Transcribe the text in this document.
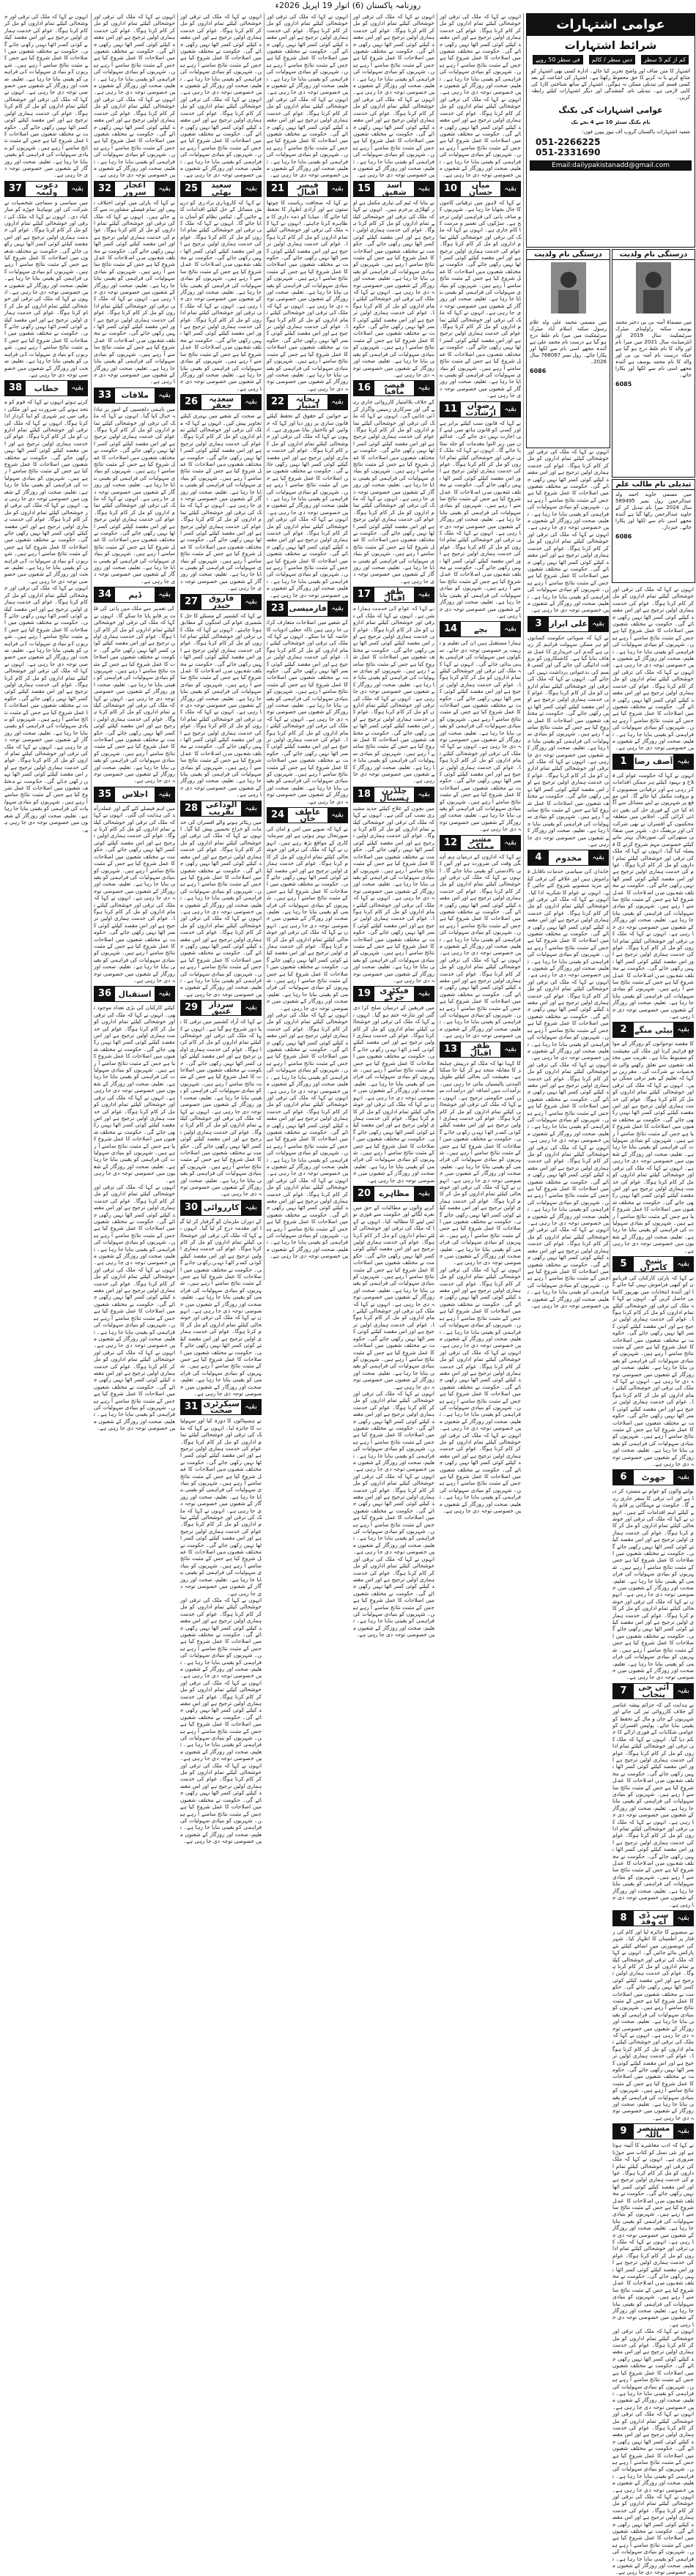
روزنامہ پاکستان (6) اتوار 19 اپریل 2026ء
عوامی اشتہارات
شرائط اشتہارات
کم از کم 5 سطر
دس سطر / کالم
فی سطر 50 روپے
اشتہار کا متن صاف اور واضح تحریر کیا جائے۔ ادارہ کسی بھی اشتہار کو شائع کرنے یا نہ کرنے کا حق محفوظ رکھتا ہے۔ اشتہار کی اشاعت کے بعد کسی قسم کی تبدیلی ممکن نہ ہوگی۔ اشتہار کے ساتھ شناختی کارڈ کی کاپی لازمی ہے۔ تبدیلی نام، گمشدگی اور دیگر اشتہارات کیلئے رابطہ کریں۔
عوامی اشتہارات کی بکنگ
نام بکنگ سنٹر 10 سے 4 بجے تک
شعبہ اشتہارات پاکستان گروپ آف نیوز پیپرز فون:
051-2266225
051-2331690
Email:dailypakistanadd@gmail.com
درستگی نام ولدیت
میں مسماۃ آمنہ بی بی دختر محمد یوسف سکنہ راولپنڈی میٹرک سرٹیفکیٹ سال 2019 اور انٹرمیڈیٹ سال 2021 میں میرا نام اور والد کا نام غلط درج ہو گیا ہے جبکہ درست نام آمنہ بی بی اور والد کا نام محمد یوسف ہے آئندہ مجھے اسی نام سے لکھا اور پکارا جائے۔
6085
درستگی نام ولدیت
میں مسمی محمد علی ولد غلام رسول سکنہ اسلام آباد میٹرک سرٹیفکیٹ میں میرا نام غلط درج ہو گیا ہے درست نام محمد علی ہے آئندہ مجھے اسی نام سے لکھا اور پکارا جائے۔ رول نمبر 768087 سال 2026۔
6086
تبدیلی نام طالب علم
میں مسمی جاوید احمد ولد عبدالرحمن رول نمبر 589495 سال 2024 میرا نام تبدیل کر کے جاوید عبدالرحمن رکھا گیا ہے آئندہ مجھے اسی نام سے لکھا اور پکارا جائے۔ خبردار۔
6086
انہوں نے کہا کہ ملک کی ترقی اور خوشحالی کیلئے تمام اداروں کو مل کر کام کرنا ہوگا۔ عوام کی خدمت ہماری اولین ترجیح ہے اور اس مقصد کیلئے کوئی کسر اٹھا نہیں رکھی جائے گی۔ حکومت نے مختلف شعبوں میں اصلاحات کا عمل شروع کیا ہے جس کے مثبت نتائج سامنے آ رہے ہیں۔ شہریوں کو بنیادی سہولیات کی فراہمی کو یقینی بنایا جا رہا ہے۔ تعلیم، صحت اور روزگار کے شعبوں میں خصوصی توجہ دی جا رہی ہے۔ انہوں نے کہا کہ ملک کی ترقی اور خوشحالی کیلئے تمام اداروں کو مل کر کام کرنا ہوگا۔ عوام کی خدمت ہماری اولین ترجیح ہے اور اس مقصد کیلئے کوئی کسر اٹھا نہیں رکھی جائے گی۔ حکومت نے مختلف شعبوں میں اصلاحات کا عمل شروع کیا ہے جس کے مثبت نتائج سامنے آ رہے ہیں۔ شہریوں کو بنیادی سہولیات کی فراہمی کو یقینی بنایا جا رہا ہے۔ تعلیم، صحت اور روزگار کے شعبوں میں خصوصی توجہ دی جا رہی ہے۔
1 آصف رضا بقیہ
انہوں نے کہا کہ حکومت عوام کی فلاح و بہبود کیلئے ہر ممکن اقدامات کر رہی ہے اور ترقیاتی منصوبوں کو بروقت مکمل کیا جائے گا۔ اس موقع پر شہریوں نے اپنے مسائل سے آگاہ کیا جن کے فوری حل کی یقین دہانی کرائی گئی۔ اجلاس میں متعلقہ محکموں کے افسران نے بھی شرکت کی اور بریفنگ دی۔ شہر میں صفائی ستھرائی کی صورتحال بہتر بنانے کیلئے خصوصی مہم شروع کرنے کا فیصلہ کیا گیا۔ انہوں نے کہا کہ ملک کی ترقی اور خوشحالی کیلئے تمام اداروں کو مل کر کام کرنا ہوگا۔ عوام کی خدمت ہماری اولین ترجیح ہے اور اس مقصد کیلئے کوئی کسر اٹھا نہیں رکھی جائے گی۔ حکومت نے مختلف شعبوں میں اصلاحات کا عمل شروع کیا ہے جس کے مثبت نتائج سامنے آ رہے ہیں۔ شہریوں کو بنیادی سہولیات کی فراہمی کو یقینی بنایا جا رہا ہے۔ تعلیم، صحت اور روزگار کے شعبوں میں خصوصی توجہ دی جا رہی ہے۔ انہوں نے کہا کہ ملک کی ترقی اور خوشحالی کیلئے تمام اداروں کو مل کر کام کرنا ہوگا۔ عوام کی خدمت ہماری اولین ترجیح ہے اور اس مقصد کیلئے کوئی کسر اٹھا نہیں رکھی جائے گی۔ حکومت نے مختلف شعبوں میں اصلاحات کا عمل شروع کیا ہے جس کے مثبت نتائج سامنے آ رہے ہیں۔ شہریوں کو بنیادی سہولیات کی فراہمی کو یقینی بنایا جا رہا ہے۔ تعلیم، صحت اور روزگار کے شعبوں میں خصوصی توجہ دی جا رہی ہے۔
2 بیٹی منگے بقیہ
کا مقصد نوجوانوں کو روزگار کے مواقع فراہم کرنا اور ملک کی معیشت کو مضبوط بنانا ہے۔ تقریب میں مختلف شعبوں سے تعلق رکھنے والی شخصیات نے شرکت کی۔ مقررین نے کہا کہ تعلیم کے بغیر ترقی ممکن نہیں۔ انہوں نے کہا کہ ملک کی ترقی اور خوشحالی کیلئے تمام اداروں کو مل کر کام کرنا ہوگا۔ عوام کی خدمت ہماری اولین ترجیح ہے اور اس مقصد کیلئے کوئی کسر اٹھا نہیں رکھی جائے گی۔ حکومت نے مختلف شعبوں میں اصلاحات کا عمل شروع کیا ہے جس کے مثبت نتائج سامنے آ رہے ہیں۔ شہریوں کو بنیادی سہولیات کی فراہمی کو یقینی بنایا جا رہا ہے۔ تعلیم، صحت اور روزگار کے شعبوں میں خصوصی توجہ دی جا رہی ہے۔ انہوں نے کہا کہ ملک کی ترقی اور خوشحالی کیلئے تمام اداروں کو مل کر کام کرنا ہوگا۔ عوام کی خدمت ہماری اولین ترجیح ہے اور اس مقصد کیلئے کوئی کسر اٹھا نہیں رکھی جائے گی۔ حکومت نے مختلف شعبوں میں اصلاحات کا عمل شروع کیا ہے جس کے مثبت نتائج سامنے آ رہے ہیں۔ شہریوں کو بنیادی سہولیات کی فراہمی کو یقینی بنایا جا رہا ہے۔ تعلیم، صحت اور روزگار کے شعبوں میں خصوصی توجہ دی جا رہی ہے۔
5	شیخ کامران	بقیہ
نے کہا کہ پارٹی کارکنان کی قربانیوں کو کبھی فراموش نہیں کیا جائے گا اور آئندہ انتخابات میں بھرپور کامیابی حاصل کریں گے۔ انہوں نے کہا کہ ملک کی ترقی اور خوشحالی کیلئے تمام اداروں کو مل کر کام کرنا ہوگا۔ عوام کی خدمت ہماری اولین ترجیح ہے اور اس مقصد کیلئے کوئی کسر اٹھا نہیں رکھی جائے گی۔ حکومت نے مختلف شعبوں میں اصلاحات کا عمل شروع کیا ہے جس کے مثبت نتائج سامنے آ رہے ہیں۔ شہریوں کو بنیادی سہولیات کی فراہمی کو یقینی بنایا جا رہا ہے۔ تعلیم، صحت اور روزگار کے شعبوں میں خصوصی توجہ دی جا رہی ہے۔ انہوں نے کہا کہ ملک کی ترقی اور خوشحالی کیلئے تمام اداروں کو مل کر کام کرنا ہوگا۔ عوام کی خدمت ہماری اولین ترجیح ہے اور اس مقصد کیلئے کوئی کسر اٹھا نہیں رکھی جائے گی۔ حکومت نے مختلف شعبوں میں اصلاحات کا عمل شروع کیا ہے جس کے مثبت نتائج سامنے آ رہے ہیں۔ شہریوں کو بنیادی سہولیات کی فراہمی کو یقینی بنایا جا رہا ہے۔ تعلیم، صحت اور روزگار کے شعبوں میں خصوصی توجہ دی جا رہی ہے۔
6	جھوٹ	بقیہ
بولنے والوں کو عوام نے مسترد کر دیا ہے اور اب ترقی کا سفر جاری رہے گا۔ حکومت نے مہنگائی پر قابو پانے کیلئے اہم اقدامات کئے ہیں۔ انہوں نے کہا کہ ملک کی ترقی اور خوشحالی کیلئے تمام اداروں کو مل کر کام کرنا ہوگا۔ عوام کی خدمت ہماری اولین ترجیح ہے اور اس مقصد کیلئے کوئی کسر اٹھا نہیں رکھی جائے گی۔ حکومت نے مختلف شعبوں میں اصلاحات کا عمل شروع کیا ہے جس کے مثبت نتائج سامنے آ رہے ہیں۔ شہریوں کو بنیادی سہولیات کی فراہمی کو یقینی بنایا جا رہا ہے۔ تعلیم، صحت اور روزگار کے شعبوں میں خصوصی توجہ دی جا رہی ہے۔ انہوں نے کہا کہ ملک کی ترقی اور خوشحالی کیلئے تمام اداروں کو مل کر کام کرنا ہوگا۔ عوام کی خدمت ہماری اولین ترجیح ہے اور اس مقصد کیلئے کوئی کسر اٹھا نہیں رکھی جائے گی۔ حکومت نے مختلف شعبوں میں اصلاحات کا عمل شروع کیا ہے جس کے مثبت نتائج سامنے آ رہے ہیں۔ شہریوں کو بنیادی سہولیات کی فراہمی کو یقینی بنایا جا رہا ہے۔ تعلیم، صحت اور روزگار کے شعبوں میں خصوصی توجہ دی جا رہی ہے۔
7	آئی جی پنجاب	بقیہ
نے ہدایت کی کہ جرائم پیشہ عناصر کے خلاف کارروائی تیز کی جائے اور شہریوں کے جان و مال کے تحفظ کو یقینی بنایا جائے۔ پولیس افسران کو عوامی شکایات کے فوری ازالے کا حکم دیا گیا۔ انہوں نے کہا کہ ملک کی ترقی اور خوشحالی کیلئے تمام اداروں کو مل کر کام کرنا ہوگا۔ عوام کی خدمت ہماری اولین ترجیح ہے اور اس مقصد کیلئے کوئی کسر اٹھا نہیں رکھی جائے گی۔ حکومت نے مختلف شعبوں میں اصلاحات کا عمل شروع کیا ہے جس کے مثبت نتائج سامنے آ رہے ہیں۔ شہریوں کو بنیادی سہولیات کی فراہمی کو یقینی بنایا جا رہا ہے۔ تعلیم، صحت اور روزگار کے شعبوں میں خصوصی توجہ دی جا رہی ہے۔ انہوں نے کہا کہ ملک کی ترقی اور خوشحالی کیلئے تمام اداروں کو مل کر کام کرنا ہوگا۔ عوام کی خدمت ہماری اولین ترجیح ہے اور اس مقصد کیلئے کوئی کسر اٹھا نہیں رکھی جائے گی۔ حکومت نے مختلف شعبوں میں اصلاحات کا عمل شروع کیا ہے جس کے مثبت نتائج سامنے آ رہے ہیں۔ شہریوں کو بنیادی سہولیات کی فراہمی کو یقینی بنایا جا رہا ہے۔ تعلیم، صحت اور روزگار کے شعبوں میں خصوصی توجہ دی جا رہی ہے۔
8	سی ڈی اے وفد	بقیہ
نے منصوبے کا جائزہ لیا اور کام کی رفتار پر اطمینان کا اظہار کیا۔ شہر کی خوبصورتی میں اضافے کیلئے نئے پارکس بنائے جائیں گے۔ انہوں نے کہا کہ ملک کی ترقی اور خوشحالی کیلئے تمام اداروں کو مل کر کام کرنا ہوگا۔ عوام کی خدمت ہماری اولین ترجیح ہے اور اس مقصد کیلئے کوئی کسر اٹھا نہیں رکھی جائے گی۔ حکومت نے مختلف شعبوں میں اصلاحات کا عمل شروع کیا ہے جس کے مثبت نتائج سامنے آ رہے ہیں۔ شہریوں کو بنیادی سہولیات کی فراہمی کو یقینی بنایا جا رہا ہے۔ تعلیم، صحت اور روزگار کے شعبوں میں خصوصی توجہ دی جا رہی ہے۔ انہوں نے کہا کہ ملک کی ترقی اور خوشحالی کیلئے تمام اداروں کو مل کر کام کرنا ہوگا۔ عوام کی خدمت ہماری اولین ترجیح ہے اور اس مقصد کیلئے کوئی کسر اٹھا نہیں رکھی جائے گی۔ حکومت نے مختلف شعبوں میں اصلاحات کا عمل شروع کیا ہے جس کے مثبت نتائج سامنے آ رہے ہیں۔ شہریوں کو بنیادی سہولیات کی فراہمی کو یقینی بنایا جا رہا ہے۔ تعلیم، صحت اور روزگار کے شعبوں میں خصوصی توجہ دی جا رہی ہے۔
9	مستنصر باللہ	بقیہ
نے کہا کہ ادب معاشرے کا آئینہ ہوتا ہے اور نئی نسل کو کتاب سے جوڑنا ضروری ہے۔ انہوں نے کہا کہ ملک کی ترقی اور خوشحالی کیلئے تمام اداروں کو مل کر کام کرنا ہوگا۔ عوام کی خدمت ہماری اولین ترجیح ہے اور اس مقصد کیلئے کوئی کسر اٹھا نہیں رکھی جائے گی۔ حکومت نے مختلف شعبوں میں اصلاحات کا عمل شروع کیا ہے جس کے مثبت نتائج سامنے آ رہے ہیں۔ شہریوں کو بنیادی سہولیات کی فراہمی کو یقینی بنایا جا رہا ہے۔ تعلیم، صحت اور روزگار کے شعبوں میں خصوصی توجہ دی جا رہی ہے۔ انہوں نے کہا کہ ملک کی ترقی اور خوشحالی کیلئے تمام اداروں کو مل کر کام کرنا ہوگا۔ عوام کی خدمت ہماری اولین ترجیح ہے اور اس مقصد کیلئے کوئی کسر اٹھا نہیں رکھی جائے گی۔ حکومت نے مختلف شعبوں میں اصلاحات کا عمل شروع کیا ہے جس کے مثبت نتائج سامنے آ رہے ہیں۔ شہریوں کو بنیادی سہولیات کی فراہمی کو یقینی بنایا جا رہا ہے۔ تعلیم، صحت اور روزگار کے شعبوں میں خصوصی توجہ دی جا رہی ہے۔
انہوں نے کہا کہ ملک کی ترقی اور خوشحالی کیلئے تمام اداروں کو مل کر کام کرنا ہوگا۔ عوام کی خدمت ہماری اولین ترجیح ہے اور اس مقصد کیلئے کوئی کسر اٹھا نہیں رکھی جائے گی۔ حکومت نے مختلف شعبوں میں اصلاحات کا عمل شروع کیا ہے جس کے مثبت نتائج سامنے آ رہے ہیں۔ شہریوں کو بنیادی سہولیات کی فراہمی کو یقینی بنایا جا رہا ہے۔ تعلیم، صحت اور روزگار کے شعبوں میں خصوصی توجہ دی جا رہی ہے۔ انہوں نے کہا کہ ملک کی ترقی اور خوشحالی کیلئے تمام اداروں کو مل کر کام کرنا ہوگا۔ عوام کی خدمت ہماری اولین ترجیح ہے اور اس مقصد کیلئے کوئی کسر اٹھا نہیں رکھی جائے گی۔ حکومت نے مختلف شعبوں میں اصلاحات کا عمل شروع کیا ہے جس کے مثبت نتائج سامنے آ رہے ہیں۔ شہریوں کو بنیادی سہولیات کی فراہمی کو یقینی بنایا جا رہا ہے۔ تعلیم، صحت اور روزگار کے شعبوں میں خصوصی توجہ دی جا رہی ہے۔ انہوں نے کہا کہ ملک کی ترقی اور خوشحالی کیلئے تمام اداروں کو مل کر کام کرنا ہوگا۔ عوام کی خدمت ہماری اولین ترجیح ہے اور اس مقصد کیلئے کوئی کسر اٹھا نہیں رکھی جائے گی۔ حکومت نے مختلف شعبوں میں اصلاحات کا عمل شروع کیا ہے جس کے مثبت نتائج سامنے آ رہے ہیں۔ شہریوں کو بنیادی سہولیات کی فراہمی کو یقینی بنایا جا رہا ہے۔ تعلیم، صحت اور روزگار کے شعبوں میں خصوصی توجہ دی جا رہی ہے۔
انہوں نے کہا کہ ملک کی ترقی اور خوشحالی کیلئے تمام اداروں کو مل کر کام کرنا ہوگا۔ عوام کی خدمت ہماری اولین ترجیح ہے اور اس مقصد کیلئے کوئی کسر اٹھا نہیں رکھی جائے گی۔ حکومت نے مختلف شعبوں میں اصلاحات کا عمل شروع کیا ہے جس کے مثبت نتائج سامنے آ رہے ہیں۔ شہریوں کو بنیادی سہولیات کی فراہمی کو یقینی بنایا جا رہا ہے۔ تعلیم، صحت اور روزگار کے شعبوں میں خصوصی توجہ دی جا رہی ہے۔ انہوں نے کہا کہ ملک کی ترقی اور خوشحالی کیلئے تمام اداروں کو مل کر کام کرنا ہوگا۔ عوام کی خدمت ہماری اولین ترجیح ہے اور اس مقصد کیلئے کوئی کسر اٹھا نہیں رکھی جائے گی۔ حکومت نے مختلف شعبوں میں اصلاحات کا عمل شروع کیا ہے جس کے مثبت نتائج سامنے آ رہے ہیں۔ شہریوں کو بنیادی سہولیات کی فراہمی کو یقینی بنایا جا رہا ہے۔ تعلیم، صحت اور روزگار کے شعبوں میں خصوصی توجہ دی جا رہی ہے۔
3 علی ابرار بقیہ
نے کہا کہ صوبائی حکومت کسانوں کو ہر ممکن سہولت فراہم کر رہی ہے گندم کی خریداری کا عمل شفاف بنایا گیا ہے۔ کاشتکاروں کو بروقت ادائیگی کی جائے گی اور کسی قسم کی بدعنوانی برداشت نہیں کی جائے گی۔ انہوں نے کہا کہ ملک کی ترقی اور خوشحالی کیلئے تمام اداروں کو مل کر کام کرنا ہوگا۔ عوام کی خدمت ہماری اولین ترجیح ہے اور اس مقصد کیلئے کوئی کسر اٹھا نہیں رکھی جائے گی۔ حکومت نے مختلف شعبوں میں اصلاحات کا عمل شروع کیا ہے جس کے مثبت نتائج سامنے آ رہے ہیں۔ شہریوں کو بنیادی سہولیات کی فراہمی کو یقینی بنایا جا رہا ہے۔ تعلیم، صحت اور روزگار کے شعبوں میں خصوصی توجہ دی جا رہی ہے۔ انہوں نے کہا کہ ملک کی ترقی اور خوشحالی کیلئے تمام اداروں کو مل کر کام کرنا ہوگا۔ عوام کی خدمت ہماری اولین ترجیح ہے اور اس مقصد کیلئے کوئی کسر اٹھا نہیں رکھی جائے گی۔ حکومت نے مختلف شعبوں میں اصلاحات کا عمل شروع کیا ہے جس کے مثبت نتائج سامنے آ رہے ہیں۔ شہریوں کو بنیادی سہولیات کی فراہمی کو یقینی بنایا جا رہا ہے۔ تعلیم، صحت اور روزگار کے شعبوں میں خصوصی توجہ دی جا رہی ہے۔
4	مخدوم	بقیہ
خاندان کی سیاسی خدمات ناقابل فراموش ہیں اور علاقے کی ترقی کیلئے مزید منصوبے شروع کئے جائیں گے۔ انہوں نے عوام کا شکریہ ادا کیا۔ انہوں نے کہا کہ ملک کی ترقی اور خوشحالی کیلئے تمام اداروں کو مل کر کام کرنا ہوگا۔ عوام کی خدمت ہماری اولین ترجیح ہے اور اس مقصد کیلئے کوئی کسر اٹھا نہیں رکھی جائے گی۔ حکومت نے مختلف شعبوں میں اصلاحات کا عمل شروع کیا ہے جس کے مثبت نتائج سامنے آ رہے ہیں۔ شہریوں کو بنیادی سہولیات کی فراہمی کو یقینی بنایا جا رہا ہے۔ تعلیم، صحت اور روزگار کے شعبوں میں خصوصی توجہ دی جا رہی ہے۔ انہوں نے کہا کہ ملک کی ترقی اور خوشحالی کیلئے تمام اداروں کو مل کر کام کرنا ہوگا۔ عوام کی خدمت ہماری اولین ترجیح ہے اور اس مقصد کیلئے کوئی کسر اٹھا نہیں رکھی جائے گی۔ حکومت نے مختلف شعبوں میں اصلاحات کا عمل شروع کیا ہے جس کے مثبت نتائج سامنے آ رہے ہیں۔ شہریوں کو بنیادی سہولیات کی فراہمی کو یقینی بنایا جا رہا ہے۔ تعلیم، صحت اور روزگار کے شعبوں میں خصوصی توجہ دی جا رہی ہے۔
انہوں نے کہا کہ ملک کی ترقی اور خوشحالی کیلئے تمام اداروں کو مل کر کام کرنا ہوگا۔ عوام کی خدمت ہماری اولین ترجیح ہے اور اس مقصد کیلئے کوئی کسر اٹھا نہیں رکھی جائے گی۔ حکومت نے مختلف شعبوں میں اصلاحات کا عمل شروع کیا ہے جس کے مثبت نتائج سامنے آ رہے ہیں۔ شہریوں کو بنیادی سہولیات کی فراہمی کو یقینی بنایا جا رہا ہے۔ تعلیم، صحت اور روزگار کے شعبوں میں خصوصی توجہ دی جا رہی ہے۔ انہوں نے کہا کہ ملک کی ترقی اور خوشحالی کیلئے تمام اداروں کو مل کر کام کرنا ہوگا۔ عوام کی خدمت ہماری اولین ترجیح ہے اور اس مقصد کیلئے کوئی کسر اٹھا نہیں رکھی جائے گی۔ حکومت نے مختلف شعبوں میں اصلاحات کا عمل شروع کیا ہے جس کے مثبت نتائج سامنے آ رہے ہیں۔ شہریوں کو بنیادی سہولیات کی فراہمی کو یقینی بنایا جا رہا ہے۔ تعلیم، صحت اور روزگار کے شعبوں میں خصوصی توجہ دی جا رہی ہے۔ انہوں نے کہا کہ ملک کی ترقی اور خوشحالی کیلئے تمام اداروں کو مل کر کام کرنا ہوگا۔ عوام کی خدمت ہماری اولین ترجیح ہے اور اس مقصد کیلئے کوئی کسر اٹھا نہیں رکھی جائے گی۔ حکومت نے مختلف شعبوں میں اصلاحات کا عمل شروع کیا ہے جس کے مثبت نتائج سامنے آ رہے ہیں۔ شہریوں کو بنیادی سہولیات کی فراہمی کو یقینی بنایا جا رہا ہے۔ تعلیم، صحت اور روزگار کے شعبوں میں خصوصی توجہ دی جا رہی ہے۔
انہوں نے کہا کہ ملک کی ترقی اور خوشحالی کیلئے تمام اداروں کو مل کر کام کرنا ہوگا۔ عوام کی خدمت ہماری اولین ترجیح ہے اور اس مقصد کیلئے کوئی کسر اٹھا نہیں رکھی جائے گی۔ حکومت نے مختلف شعبوں میں اصلاحات کا عمل شروع کیا ہے جس کے مثبت نتائج سامنے آ رہے ہیں۔ شہریوں کو بنیادی سہولیات کی فراہمی کو یقینی بنایا جا رہا ہے۔ تعلیم، صحت اور روزگار کے شعبوں میں خصوصی توجہ دی جا رہی ہے۔ انہوں نے کہا کہ ملک کی ترقی اور خوشحالی کیلئے تمام اداروں کو مل کر کام کرنا ہوگا۔ عوام کی خدمت ہماری اولین ترجیح ہے اور اس مقصد کیلئے کوئی کسر اٹھا نہیں رکھی جائے گی۔ حکومت نے مختلف شعبوں میں اصلاحات کا عمل شروع کیا ہے جس کے مثبت نتائج سامنے آ رہے ہیں۔ شہریوں کو بنیادی سہولیات کی فراہمی کو یقینی بنایا جا رہا ہے۔ تعلیم، صحت اور روزگار کے شعبوں میں خصوصی توجہ دی جا رہی ہے۔
10	میاں حسان	بقیہ
نے کہا کہ لاہور میں ترقیاتی کاموں کا جال بچھایا جا رہا ہے۔ شہریوں کو صاف پانی کی فراہمی اولین ترجیح ہے۔ سڑکوں کی تعمیر و مرمت کا کام جاری ہے۔ انہوں نے کہا کہ ملک کی ترقی اور خوشحالی کیلئے تمام اداروں کو مل کر کام کرنا ہوگا۔ عوام کی خدمت ہماری اولین ترجیح ہے اور اس مقصد کیلئے کوئی کسر اٹھا نہیں رکھی جائے گی۔ حکومت نے مختلف شعبوں میں اصلاحات کا عمل شروع کیا ہے جس کے مثبت نتائج سامنے آ رہے ہیں۔ شہریوں کو بنیادی سہولیات کی فراہمی کو یقینی بنایا جا رہا ہے۔ تعلیم، صحت اور روزگار کے شعبوں میں خصوصی توجہ دی جا رہی ہے۔ انہوں نے کہا کہ ملک کی ترقی اور خوشحالی کیلئے تمام اداروں کو مل کر کام کرنا ہوگا۔ عوام کی خدمت ہماری اولین ترجیح ہے اور اس مقصد کیلئے کوئی کسر اٹھا نہیں رکھی جائے گی۔ حکومت نے مختلف شعبوں میں اصلاحات کا عمل شروع کیا ہے جس کے مثبت نتائج سامنے آ رہے ہیں۔ شہریوں کو بنیادی سہولیات کی فراہمی کو یقینی بنایا جا رہا ہے۔ تعلیم، صحت اور روزگار کے شعبوں میں خصوصی توجہ دی جا رہی ہے۔
11	رضوان ارشادت	بقیہ
نے کہا کہ قانون سب کیلئے برابر ہے اور کسی کو قانون ہاتھ میں لینے کی اجازت نہیں دی جائے گی۔ عدالتوں میں زیر التوا مقدمات کو جلد نمٹایا جائے گا۔ انہوں نے کہا کہ ملک کی ترقی اور خوشحالی کیلئے تمام اداروں کو مل کر کام کرنا ہوگا۔ عوام کی خدمت ہماری اولین ترجیح ہے اور اس مقصد کیلئے کوئی کسر اٹھا نہیں رکھی جائے گی۔ حکومت نے مختلف شعبوں میں اصلاحات کا عمل شروع کیا ہے جس کے مثبت نتائج سامنے آ رہے ہیں۔ شہریوں کو بنیادی سہولیات کی فراہمی کو یقینی بنایا جا رہا ہے۔ تعلیم، صحت اور روزگار کے شعبوں میں خصوصی توجہ دی جا رہی ہے۔ انہوں نے کہا کہ ملک کی ترقی اور خوشحالی کیلئے تمام اداروں کو مل کر کام کرنا ہوگا۔ عوام کی خدمت ہماری اولین ترجیح ہے اور اس مقصد کیلئے کوئی کسر اٹھا نہیں رکھی جائے گی۔ حکومت نے مختلف شعبوں میں اصلاحات کا عمل شروع کیا ہے جس کے مثبت نتائج سامنے آ رہے ہیں۔ شہریوں کو بنیادی سہولیات کی فراہمی کو یقینی بنایا جا رہا ہے۔ تعلیم، صحت اور روزگار کے شعبوں میں خصوصی توجہ دی جا رہی ہے۔
14	بچے	بقیہ
ہمارا مستقبل ہیں ان کی تعلیم و تربیت پر خصوصی توجہ دی جائے۔ سکولوں میں سہولیات کی فراہمی یقینی بنائی جائے گی۔ انہوں نے کہا کہ ملک کی ترقی اور خوشحالی کیلئے تمام اداروں کو مل کر کام کرنا ہوگا۔ عوام کی خدمت ہماری اولین ترجیح ہے اور اس مقصد کیلئے کوئی کسر اٹھا نہیں رکھی جائے گی۔ حکومت نے مختلف شعبوں میں اصلاحات کا عمل شروع کیا ہے جس کے مثبت نتائج سامنے آ رہے ہیں۔ شہریوں کو بنیادی سہولیات کی فراہمی کو یقینی بنایا جا رہا ہے۔ تعلیم، صحت اور روزگار کے شعبوں میں خصوصی توجہ دی جا رہی ہے۔ انہوں نے کہا کہ ملک کی ترقی اور خوشحالی کیلئے تمام اداروں کو مل کر کام کرنا ہوگا۔ عوام کی خدمت ہماری اولین ترجیح ہے اور اس مقصد کیلئے کوئی کسر اٹھا نہیں رکھی جائے گی۔ حکومت نے مختلف شعبوں میں اصلاحات کا عمل شروع کیا ہے جس کے مثبت نتائج سامنے آ رہے ہیں۔ شہریوں کو بنیادی سہولیات کی فراہمی کو یقینی بنایا جا رہا ہے۔ تعلیم، صحت اور روزگار کے شعبوں میں خصوصی توجہ دی جا رہی ہے۔
12	مشیر مملکت	بقیہ
نے کہا کہ اداروں کے درمیان ہم آہنگی وقت کی ضرورت ہے اور آئین کی بالادستی کو یقینی بنایا جائے گا۔ انہوں نے کہا کہ ملک کی ترقی اور خوشحالی کیلئے تمام اداروں کو مل کر کام کرنا ہوگا۔ عوام کی خدمت ہماری اولین ترجیح ہے اور اس مقصد کیلئے کوئی کسر اٹھا نہیں رکھی جائے گی۔ حکومت نے مختلف شعبوں میں اصلاحات کا عمل شروع کیا ہے جس کے مثبت نتائج سامنے آ رہے ہیں۔ شہریوں کو بنیادی سہولیات کی فراہمی کو یقینی بنایا جا رہا ہے۔ تعلیم، صحت اور روزگار کے شعبوں میں خصوصی توجہ دی جا رہی ہے۔ انہوں نے کہا کہ ملک کی ترقی اور خوشحالی کیلئے تمام اداروں کو مل کر کام کرنا ہوگا۔ عوام کی خدمت ہماری اولین ترجیح ہے اور اس مقصد کیلئے کوئی کسر اٹھا نہیں رکھی جائے گی۔ حکومت نے مختلف شعبوں میں اصلاحات کا عمل شروع کیا ہے جس کے مثبت نتائج سامنے آ رہے ہیں۔ شہریوں کو بنیادی سہولیات کی فراہمی کو یقینی بنایا جا رہا ہے۔ تعلیم، صحت اور روزگار کے شعبوں میں خصوصی توجہ دی جا رہی ہے۔
13	ظفر اقبال	بقیہ
کا کہنا تھا کہ ملک کو درپیش چیلنجز کا مقابلہ متحد ہو کر کیا جا سکتا ہے۔ معیشت کی بحالی کیلئے طویل المدتی پالیسیاں بنائی جا رہی ہیں۔ برآمدات میں اضافہ اور درآمدات میں کمی حکومتی ترجیح ہے۔ انہوں نے کہا کہ ملک کی ترقی اور خوشحالی کیلئے تمام اداروں کو مل کر کام کرنا ہوگا۔ عوام کی خدمت ہماری اولین ترجیح ہے اور اس مقصد کیلئے کوئی کسر اٹھا نہیں رکھی جائے گی۔ حکومت نے مختلف شعبوں میں اصلاحات کا عمل شروع کیا ہے جس کے مثبت نتائج سامنے آ رہے ہیں۔ شہریوں کو بنیادی سہولیات کی فراہمی کو یقینی بنایا جا رہا ہے۔ تعلیم، صحت اور روزگار کے شعبوں میں خصوصی توجہ دی جا رہی ہے۔ انہوں نے کہا کہ ملک کی ترقی اور خوشحالی کیلئے تمام اداروں کو مل کر کام کرنا ہوگا۔ عوام کی خدمت ہماری اولین ترجیح ہے اور اس مقصد کیلئے کوئی کسر اٹھا نہیں رکھی جائے گی۔ حکومت نے مختلف شعبوں میں اصلاحات کا عمل شروع کیا ہے جس کے مثبت نتائج سامنے آ رہے ہیں۔ شہریوں کو بنیادی سہولیات کی فراہمی کو یقینی بنایا جا رہا ہے۔ تعلیم، صحت اور روزگار کے شعبوں میں خصوصی توجہ دی جا رہی ہے۔
انہوں نے کہا کہ ملک کی ترقی اور خوشحالی کیلئے تمام اداروں کو مل کر کام کرنا ہوگا۔ عوام کی خدمت ہماری اولین ترجیح ہے اور اس مقصد کیلئے کوئی کسر اٹھا نہیں رکھی جائے گی۔ حکومت نے مختلف شعبوں میں اصلاحات کا عمل شروع کیا ہے جس کے مثبت نتائج سامنے آ رہے ہیں۔ شہریوں کو بنیادی سہولیات کی فراہمی کو یقینی بنایا جا رہا ہے۔ تعلیم، صحت اور روزگار کے شعبوں میں خصوصی توجہ دی جا رہی ہے۔ انہوں نے کہا کہ ملک کی ترقی اور خوشحالی کیلئے تمام اداروں کو مل کر کام کرنا ہوگا۔ عوام کی خدمت ہماری اولین ترجیح ہے اور اس مقصد کیلئے کوئی کسر اٹھا نہیں رکھی جائے گی۔ حکومت نے مختلف شعبوں میں اصلاحات کا عمل شروع کیا ہے جس کے مثبت نتائج سامنے آ رہے ہیں۔ شہریوں کو بنیادی سہولیات کی فراہمی کو یقینی بنایا جا رہا ہے۔ تعلیم، صحت اور روزگار کے شعبوں میں خصوصی توجہ دی جا رہی ہے۔ انہوں نے کہا کہ ملک کی ترقی اور خوشحالی کیلئے تمام اداروں کو مل کر کام کرنا ہوگا۔ عوام کی خدمت ہماری اولین ترجیح ہے اور اس مقصد کیلئے کوئی کسر اٹھا نہیں رکھی جائے گی۔ حکومت نے مختلف شعبوں میں اصلاحات کا عمل شروع کیا ہے جس کے مثبت نتائج سامنے آ رہے ہیں۔ شہریوں کو بنیادی سہولیات کی فراہمی کو یقینی بنایا جا رہا ہے۔ تعلیم، صحت اور روزگار کے شعبوں میں خصوصی توجہ دی جا رہی ہے۔
انہوں نے کہا کہ ملک کی ترقی اور خوشحالی کیلئے تمام اداروں کو مل کر کام کرنا ہوگا۔ عوام کی خدمت ہماری اولین ترجیح ہے اور اس مقصد کیلئے کوئی کسر اٹھا نہیں رکھی جائے گی۔ حکومت نے مختلف شعبوں میں اصلاحات کا عمل شروع کیا ہے جس کے مثبت نتائج سامنے آ رہے ہیں۔ شہریوں کو بنیادی سہولیات کی فراہمی کو یقینی بنایا جا رہا ہے۔ تعلیم، صحت اور روزگار کے شعبوں میں خصوصی توجہ دی جا رہی ہے۔ انہوں نے کہا کہ ملک کی ترقی اور خوشحالی کیلئے تمام اداروں کو مل کر کام کرنا ہوگا۔ عوام کی خدمت ہماری اولین ترجیح ہے اور اس مقصد کیلئے کوئی کسر اٹھا نہیں رکھی جائے گی۔ حکومت نے مختلف شعبوں میں اصلاحات کا عمل شروع کیا ہے جس کے مثبت نتائج سامنے آ رہے ہیں۔ شہریوں کو بنیادی سہولیات کی فراہمی کو یقینی بنایا جا رہا ہے۔ تعلیم، صحت اور روزگار کے شعبوں میں خصوصی توجہ دی جا رہی ہے۔
15	اسد شفیق	بقیہ
نے بتایا کہ ٹیم کی تیاری مکمل ہے اور کھلاڑی پرعزم ہیں۔ انہوں نے کہا کہ ملک کی ترقی اور خوشحالی کیلئے تمام اداروں کو مل کر کام کرنا ہوگا۔ عوام کی خدمت ہماری اولین ترجیح ہے اور اس مقصد کیلئے کوئی کسر اٹھا نہیں رکھی جائے گی۔ حکومت نے مختلف شعبوں میں اصلاحات کا عمل شروع کیا ہے جس کے مثبت نتائج سامنے آ رہے ہیں۔ شہریوں کو بنیادی سہولیات کی فراہمی کو یقینی بنایا جا رہا ہے۔ تعلیم، صحت اور روزگار کے شعبوں میں خصوصی توجہ دی جا رہی ہے۔ انہوں نے کہا کہ ملک کی ترقی اور خوشحالی کیلئے تمام اداروں کو مل کر کام کرنا ہوگا۔ عوام کی خدمت ہماری اولین ترجیح ہے اور اس مقصد کیلئے کوئی کسر اٹھا نہیں رکھی جائے گی۔ حکومت نے مختلف شعبوں میں اصلاحات کا عمل شروع کیا ہے جس کے مثبت نتائج سامنے آ رہے ہیں۔ شہریوں کو بنیادی سہولیات کی فراہمی کو یقینی بنایا جا رہا ہے۔ تعلیم، صحت اور روزگار کے شعبوں میں خصوصی توجہ دی جا رہی ہے۔
16	قبضہ مافیا	بقیہ
کے خلاف بلاامتیاز کارروائی جاری رہے گی اور سرکاری زمینیں واگزار کرائی جائیں گی۔ انہوں نے کہا کہ ملک کی ترقی اور خوشحالی کیلئے تمام اداروں کو مل کر کام کرنا ہوگا۔ عوام کی خدمت ہماری اولین ترجیح ہے اور اس مقصد کیلئے کوئی کسر اٹھا نہیں رکھی جائے گی۔ حکومت نے مختلف شعبوں میں اصلاحات کا عمل شروع کیا ہے جس کے مثبت نتائج سامنے آ رہے ہیں۔ شہریوں کو بنیادی سہولیات کی فراہمی کو یقینی بنایا جا رہا ہے۔ تعلیم، صحت اور روزگار کے شعبوں میں خصوصی توجہ دی جا رہی ہے۔ انہوں نے کہا کہ ملک کی ترقی اور خوشحالی کیلئے تمام اداروں کو مل کر کام کرنا ہوگا۔ عوام کی خدمت ہماری اولین ترجیح ہے اور اس مقصد کیلئے کوئی کسر اٹھا نہیں رکھی جائے گی۔ حکومت نے مختلف شعبوں میں اصلاحات کا عمل شروع کیا ہے جس کے مثبت نتائج سامنے آ رہے ہیں۔ شہریوں کو بنیادی سہولیات کی فراہمی کو یقینی بنایا جا رہا ہے۔ تعلیم، صحت اور روزگار کے شعبوں میں خصوصی توجہ دی جا رہی ہے۔
17	ظفر اقبال	بقیہ
نے کہا کہ عوام کی خدمت ہمارا مشن ہے۔ انہوں نے کہا کہ ملک کی ترقی اور خوشحالی کیلئے تمام اداروں کو مل کر کام کرنا ہوگا۔ عوام کی خدمت ہماری اولین ترجیح ہے اور اس مقصد کیلئے کوئی کسر اٹھا نہیں رکھی جائے گی۔ حکومت نے مختلف شعبوں میں اصلاحات کا عمل شروع کیا ہے جس کے مثبت نتائج سامنے آ رہے ہیں۔ شہریوں کو بنیادی سہولیات کی فراہمی کو یقینی بنایا جا رہا ہے۔ تعلیم، صحت اور روزگار کے شعبوں میں خصوصی توجہ دی جا رہی ہے۔ انہوں نے کہا کہ ملک کی ترقی اور خوشحالی کیلئے تمام اداروں کو مل کر کام کرنا ہوگا۔ عوام کی خدمت ہماری اولین ترجیح ہے اور اس مقصد کیلئے کوئی کسر اٹھا نہیں رکھی جائے گی۔ حکومت نے مختلف شعبوں میں اصلاحات کا عمل شروع کیا ہے جس کے مثبت نتائج سامنے آ رہے ہیں۔ شہریوں کو بنیادی سہولیات کی فراہمی کو یقینی بنایا جا رہا ہے۔ تعلیم، صحت اور روزگار کے شعبوں میں خصوصی توجہ دی جا رہی ہے۔
18	چلڈرن ہسپتال	بقیہ
میں بچوں کے علاج کیلئے جدید مشینری نصب کی گئی ہے۔ انہوں نے کہا کہ ملک کی ترقی اور خوشحالی کیلئے تمام اداروں کو مل کر کام کرنا ہوگا۔ عوام کی خدمت ہماری اولین ترجیح ہے اور اس مقصد کیلئے کوئی کسر اٹھا نہیں رکھی جائے گی۔ حکومت نے مختلف شعبوں میں اصلاحات کا عمل شروع کیا ہے جس کے مثبت نتائج سامنے آ رہے ہیں۔ شہریوں کو بنیادی سہولیات کی فراہمی کو یقینی بنایا جا رہا ہے۔ تعلیم، صحت اور روزگار کے شعبوں میں خصوصی توجہ دی جا رہی ہے۔ انہوں نے کہا کہ ملک کی ترقی اور خوشحالی کیلئے تمام اداروں کو مل کر کام کرنا ہوگا۔ عوام کی خدمت ہماری اولین ترجیح ہے اور اس مقصد کیلئے کوئی کسر اٹھا نہیں رکھی جائے گی۔ حکومت نے مختلف شعبوں میں اصلاحات کا عمل شروع کیا ہے جس کے مثبت نتائج سامنے آ رہے ہیں۔ شہریوں کو بنیادی سہولیات کی فراہمی کو یقینی بنایا جا رہا ہے۔ تعلیم، صحت اور روزگار کے شعبوں میں خصوصی توجہ دی جا رہی ہے۔
19	فیکٹری جرگے	بقیہ
میں فریقین کے درمیان صلح کرا دی گئی اور تنازعہ ختم ہو گیا۔ انہوں نے کہا کہ ملک کی ترقی اور خوشحالی کیلئے تمام اداروں کو مل کر کام کرنا ہوگا۔ عوام کی خدمت ہماری اولین ترجیح ہے اور اس مقصد کیلئے کوئی کسر اٹھا نہیں رکھی جائے گی۔ حکومت نے مختلف شعبوں میں اصلاحات کا عمل شروع کیا ہے جس کے مثبت نتائج سامنے آ رہے ہیں۔ شہریوں کو بنیادی سہولیات کی فراہمی کو یقینی بنایا جا رہا ہے۔ تعلیم، صحت اور روزگار کے شعبوں میں خصوصی توجہ دی جا رہی ہے۔ انہوں نے کہا کہ ملک کی ترقی اور خوشحالی کیلئے تمام اداروں کو مل کر کام کرنا ہوگا۔ عوام کی خدمت ہماری اولین ترجیح ہے اور اس مقصد کیلئے کوئی کسر اٹھا نہیں رکھی جائے گی۔ حکومت نے مختلف شعبوں میں اصلاحات کا عمل شروع کیا ہے جس کے مثبت نتائج سامنے آ رہے ہیں۔ شہریوں کو بنیادی سہولیات کی فراہمی کو یقینی بنایا جا رہا ہے۔ تعلیم، صحت اور روزگار کے شعبوں میں خصوصی توجہ دی جا رہی ہے۔
20	مظاہرے	بقیہ
کرنے والوں نے مطالبات کے حق میں نعرے لگائے اور حکومت سے فوری نوٹس لینے کا مطالبہ کیا۔ انہوں نے کہا کہ ملک کی ترقی اور خوشحالی کیلئے تمام اداروں کو مل کر کام کرنا ہوگا۔ عوام کی خدمت ہماری اولین ترجیح ہے اور اس مقصد کیلئے کوئی کسر اٹھا نہیں رکھی جائے گی۔ حکومت نے مختلف شعبوں میں اصلاحات کا عمل شروع کیا ہے جس کے مثبت نتائج سامنے آ رہے ہیں۔ شہریوں کو بنیادی سہولیات کی فراہمی کو یقینی بنایا جا رہا ہے۔ تعلیم، صحت اور روزگار کے شعبوں میں خصوصی توجہ دی جا رہی ہے۔ انہوں نے کہا کہ ملک کی ترقی اور خوشحالی کیلئے تمام اداروں کو مل کر کام کرنا ہوگا۔ عوام کی خدمت ہماری اولین ترجیح ہے اور اس مقصد کیلئے کوئی کسر اٹھا نہیں رکھی جائے گی۔ حکومت نے مختلف شعبوں میں اصلاحات کا عمل شروع کیا ہے جس کے مثبت نتائج سامنے آ رہے ہیں۔ شہریوں کو بنیادی سہولیات کی فراہمی کو یقینی بنایا جا رہا ہے۔ تعلیم، صحت اور روزگار کے شعبوں میں خصوصی توجہ دی جا رہی ہے۔
انہوں نے کہا کہ ملک کی ترقی اور خوشحالی کیلئے تمام اداروں کو مل کر کام کرنا ہوگا۔ عوام کی خدمت ہماری اولین ترجیح ہے اور اس مقصد کیلئے کوئی کسر اٹھا نہیں رکھی جائے گی۔ حکومت نے مختلف شعبوں میں اصلاحات کا عمل شروع کیا ہے جس کے مثبت نتائج سامنے آ رہے ہیں۔ شہریوں کو بنیادی سہولیات کی فراہمی کو یقینی بنایا جا رہا ہے۔ تعلیم، صحت اور روزگار کے شعبوں میں خصوصی توجہ دی جا رہی ہے۔ انہوں نے کہا کہ ملک کی ترقی اور خوشحالی کیلئے تمام اداروں کو مل کر کام کرنا ہوگا۔ عوام کی خدمت ہماری اولین ترجیح ہے اور اس مقصد کیلئے کوئی کسر اٹھا نہیں رکھی جائے گی۔ حکومت نے مختلف شعبوں میں اصلاحات کا عمل شروع کیا ہے جس کے مثبت نتائج سامنے آ رہے ہیں۔ شہریوں کو بنیادی سہولیات کی فراہمی کو یقینی بنایا جا رہا ہے۔ تعلیم، صحت اور روزگار کے شعبوں میں خصوصی توجہ دی جا رہی ہے۔ انہوں نے کہا کہ ملک کی ترقی اور خوشحالی کیلئے تمام اداروں کو مل کر کام کرنا ہوگا۔ عوام کی خدمت ہماری اولین ترجیح ہے اور اس مقصد کیلئے کوئی کسر اٹھا نہیں رکھی جائے گی۔ حکومت نے مختلف شعبوں میں اصلاحات کا عمل شروع کیا ہے جس کے مثبت نتائج سامنے آ رہے ہیں۔ شہریوں کو بنیادی سہولیات کی فراہمی کو یقینی بنایا جا رہا ہے۔ تعلیم، صحت اور روزگار کے شعبوں میں خصوصی توجہ دی جا رہی ہے۔
انہوں نے کہا کہ ملک کی ترقی اور خوشحالی کیلئے تمام اداروں کو مل کر کام کرنا ہوگا۔ عوام کی خدمت ہماری اولین ترجیح ہے اور اس مقصد کیلئے کوئی کسر اٹھا نہیں رکھی جائے گی۔ حکومت نے مختلف شعبوں میں اصلاحات کا عمل شروع کیا ہے جس کے مثبت نتائج سامنے آ رہے ہیں۔ شہریوں کو بنیادی سہولیات کی فراہمی کو یقینی بنایا جا رہا ہے۔ تعلیم، صحت اور روزگار کے شعبوں میں خصوصی توجہ دی جا رہی ہے۔ انہوں نے کہا کہ ملک کی ترقی اور خوشحالی کیلئے تمام اداروں کو مل کر کام کرنا ہوگا۔ عوام کی خدمت ہماری اولین ترجیح ہے اور اس مقصد کیلئے کوئی کسر اٹھا نہیں رکھی جائے گی۔ حکومت نے مختلف شعبوں میں اصلاحات کا عمل شروع کیا ہے جس کے مثبت نتائج سامنے آ رہے ہیں۔ شہریوں کو بنیادی سہولیات کی فراہمی کو یقینی بنایا جا رہا ہے۔ تعلیم، صحت اور روزگار کے شعبوں میں خصوصی توجہ دی جا رہی ہے۔
21	قیصر اقبال	بقیہ
نے کہا کہ صحافت ریاست کا چوتھا ستون ہے اور آزادی اظہار کا تحفظ کیا جائے گا۔ میڈیا کو ذمہ داری کا مظاہرہ کرنا چاہئے۔ انہوں نے کہا کہ ملک کی ترقی اور خوشحالی کیلئے تمام اداروں کو مل کر کام کرنا ہوگا۔ عوام کی خدمت ہماری اولین ترجیح ہے اور اس مقصد کیلئے کوئی کسر اٹھا نہیں رکھی جائے گی۔ حکومت نے مختلف شعبوں میں اصلاحات کا عمل شروع کیا ہے جس کے مثبت نتائج سامنے آ رہے ہیں۔ شہریوں کو بنیادی سہولیات کی فراہمی کو یقینی بنایا جا رہا ہے۔ تعلیم، صحت اور روزگار کے شعبوں میں خصوصی توجہ دی جا رہی ہے۔ انہوں نے کہا کہ ملک کی ترقی اور خوشحالی کیلئے تمام اداروں کو مل کر کام کرنا ہوگا۔ عوام کی خدمت ہماری اولین ترجیح ہے اور اس مقصد کیلئے کوئی کسر اٹھا نہیں رکھی جائے گی۔ حکومت نے مختلف شعبوں میں اصلاحات کا عمل شروع کیا ہے جس کے مثبت نتائج سامنے آ رہے ہیں۔ شہریوں کو بنیادی سہولیات کی فراہمی کو یقینی بنایا جا رہا ہے۔ تعلیم، صحت اور روزگار کے شعبوں میں خصوصی توجہ دی جا رہی ہے۔
22	ریحانہ امتیاز	بقیہ
نے خواتین کے حقوق کے تحفظ کیلئے قانون سازی پر زور دیا اور کہا کہ خواتین کو بااختیار بنانا ضروری ہے۔ انہوں نے کہا کہ ملک کی ترقی اور خوشحالی کیلئے تمام اداروں کو مل کر کام کرنا ہوگا۔ عوام کی خدمت ہماری اولین ترجیح ہے اور اس مقصد کیلئے کوئی کسر اٹھا نہیں رکھی جائے گی۔ حکومت نے مختلف شعبوں میں اصلاحات کا عمل شروع کیا ہے جس کے مثبت نتائج سامنے آ رہے ہیں۔ شہریوں کو بنیادی سہولیات کی فراہمی کو یقینی بنایا جا رہا ہے۔ تعلیم، صحت اور روزگار کے شعبوں میں خصوصی توجہ دی جا رہی ہے۔ انہوں نے کہا کہ ملک کی ترقی اور خوشحالی کیلئے تمام اداروں کو مل کر کام کرنا ہوگا۔ عوام کی خدمت ہماری اولین ترجیح ہے اور اس مقصد کیلئے کوئی کسر اٹھا نہیں رکھی جائے گی۔ حکومت نے مختلف شعبوں میں اصلاحات کا عمل شروع کیا ہے جس کے مثبت نتائج سامنے آ رہے ہیں۔ شہریوں کو بنیادی سہولیات کی فراہمی کو یقینی بنایا جا رہا ہے۔ تعلیم، صحت اور روزگار کے شعبوں میں خصوصی توجہ دی جا رہی ہے۔
23 فارمیسی بقیہ
کے شعبے میں اصلاحات متعارف کرائی جا رہی ہیں تاکہ جعلی ادویات کا خاتمہ کیا جا سکے۔ انہوں نے کہا کہ ملک کی ترقی اور خوشحالی کیلئے تمام اداروں کو مل کر کام کرنا ہوگا۔ عوام کی خدمت ہماری اولین ترجیح ہے اور اس مقصد کیلئے کوئی کسر اٹھا نہیں رکھی جائے گی۔ حکومت نے مختلف شعبوں میں اصلاحات کا عمل شروع کیا ہے جس کے مثبت نتائج سامنے آ رہے ہیں۔ شہریوں کو بنیادی سہولیات کی فراہمی کو یقینی بنایا جا رہا ہے۔ تعلیم، صحت اور روزگار کے شعبوں میں خصوصی توجہ دی جا رہی ہے۔ انہوں نے کہا کہ ملک کی ترقی اور خوشحالی کیلئے تمام اداروں کو مل کر کام کرنا ہوگا۔ عوام کی خدمت ہماری اولین ترجیح ہے اور اس مقصد کیلئے کوئی کسر اٹھا نہیں رکھی جائے گی۔ حکومت نے مختلف شعبوں میں اصلاحات کا عمل شروع کیا ہے جس کے مثبت نتائج سامنے آ رہے ہیں۔ شہریوں کو بنیادی سہولیات کی فراہمی کو یقینی بنایا جا رہا ہے۔ تعلیم، صحت اور روزگار کے شعبوں میں خصوصی توجہ دی جا رہی ہے۔
24	عاطف خان	بقیہ
نے کہا کہ صوبے میں امن و امان کی صورتحال بہتر ہوئی ہے اور سرمایہ کاری کے مواقع بڑھ رہے ہیں۔ انہوں نے کہا کہ ملک کی ترقی اور خوشحالی کیلئے تمام اداروں کو مل کر کام کرنا ہوگا۔ عوام کی خدمت ہماری اولین ترجیح ہے اور اس مقصد کیلئے کوئی کسر اٹھا نہیں رکھی جائے گی۔ حکومت نے مختلف شعبوں میں اصلاحات کا عمل شروع کیا ہے جس کے مثبت نتائج سامنے آ رہے ہیں۔ شہریوں کو بنیادی سہولیات کی فراہمی کو یقینی بنایا جا رہا ہے۔ تعلیم، صحت اور روزگار کے شعبوں میں خصوصی توجہ دی جا رہی ہے۔ انہوں نے کہا کہ ملک کی ترقی اور خوشحالی کیلئے تمام اداروں کو مل کر کام کرنا ہوگا۔ عوام کی خدمت ہماری اولین ترجیح ہے اور اس مقصد کیلئے کوئی کسر اٹھا نہیں رکھی جائے گی۔ حکومت نے مختلف شعبوں میں اصلاحات کا عمل شروع کیا ہے جس کے مثبت نتائج سامنے آ رہے ہیں۔ شہریوں کو بنیادی سہولیات کی فراہمی کو یقینی بنایا جا رہا ہے۔ تعلیم، صحت اور روزگار کے شعبوں میں خصوصی توجہ دی جا رہی ہے۔
انہوں نے کہا کہ ملک کی ترقی اور خوشحالی کیلئے تمام اداروں کو مل کر کام کرنا ہوگا۔ عوام کی خدمت ہماری اولین ترجیح ہے اور اس مقصد کیلئے کوئی کسر اٹھا نہیں رکھی جائے گی۔ حکومت نے مختلف شعبوں میں اصلاحات کا عمل شروع کیا ہے جس کے مثبت نتائج سامنے آ رہے ہیں۔ شہریوں کو بنیادی سہولیات کی فراہمی کو یقینی بنایا جا رہا ہے۔ تعلیم، صحت اور روزگار کے شعبوں میں خصوصی توجہ دی جا رہی ہے۔ انہوں نے کہا کہ ملک کی ترقی اور خوشحالی کیلئے تمام اداروں کو مل کر کام کرنا ہوگا۔ عوام کی خدمت ہماری اولین ترجیح ہے اور اس مقصد کیلئے کوئی کسر اٹھا نہیں رکھی جائے گی۔ حکومت نے مختلف شعبوں میں اصلاحات کا عمل شروع کیا ہے جس کے مثبت نتائج سامنے آ رہے ہیں۔ شہریوں کو بنیادی سہولیات کی فراہمی کو یقینی بنایا جا رہا ہے۔ تعلیم، صحت اور روزگار کے شعبوں میں خصوصی توجہ دی جا رہی ہے۔ انہوں نے کہا کہ ملک کی ترقی اور خوشحالی کیلئے تمام اداروں کو مل کر کام کرنا ہوگا۔ عوام کی خدمت ہماری اولین ترجیح ہے اور اس مقصد کیلئے کوئی کسر اٹھا نہیں رکھی جائے گی۔ حکومت نے مختلف شعبوں میں اصلاحات کا عمل شروع کیا ہے جس کے مثبت نتائج سامنے آ رہے ہیں۔ شہریوں کو بنیادی سہولیات کی فراہمی کو یقینی بنایا جا رہا ہے۔ تعلیم، صحت اور روزگار کے شعبوں میں خصوصی توجہ دی جا رہی ہے۔
انہوں نے کہا کہ ملک کی ترقی اور خوشحالی کیلئے تمام اداروں کو مل کر کام کرنا ہوگا۔ عوام کی خدمت ہماری اولین ترجیح ہے اور اس مقصد کیلئے کوئی کسر اٹھا نہیں رکھی جائے گی۔ حکومت نے مختلف شعبوں میں اصلاحات کا عمل شروع کیا ہے جس کے مثبت نتائج سامنے آ رہے ہیں۔ شہریوں کو بنیادی سہولیات کی فراہمی کو یقینی بنایا جا رہا ہے۔ تعلیم، صحت اور روزگار کے شعبوں میں خصوصی توجہ دی جا رہی ہے۔ انہوں نے کہا کہ ملک کی ترقی اور خوشحالی کیلئے تمام اداروں کو مل کر کام کرنا ہوگا۔ عوام کی خدمت ہماری اولین ترجیح ہے اور اس مقصد کیلئے کوئی کسر اٹھا نہیں رکھی جائے گی۔ حکومت نے مختلف شعبوں میں اصلاحات کا عمل شروع کیا ہے جس کے مثبت نتائج سامنے آ رہے ہیں۔ شہریوں کو بنیادی سہولیات کی فراہمی کو یقینی بنایا جا رہا ہے۔ تعلیم، صحت اور روزگار کے شعبوں میں خصوصی توجہ دی جا رہی ہے۔
25	سعید بھٹی	بقیہ
نے کہا کہ کاروباری برادری کو درپیش مسائل کے حل کیلئے اقدامات کئے جائیں گے۔ ٹیکس نظام کو آسان بنایا جائے گا۔ انہوں نے کہا کہ ملک کی ترقی اور خوشحالی کیلئے تمام اداروں کو مل کر کام کرنا ہوگا۔ عوام کی خدمت ہماری اولین ترجیح ہے اور اس مقصد کیلئے کوئی کسر اٹھا نہیں رکھی جائے گی۔ حکومت نے مختلف شعبوں میں اصلاحات کا عمل شروع کیا ہے جس کے مثبت نتائج سامنے آ رہے ہیں۔ شہریوں کو بنیادی سہولیات کی فراہمی کو یقینی بنایا جا رہا ہے۔ تعلیم، صحت اور روزگار کے شعبوں میں خصوصی توجہ دی جا رہی ہے۔ انہوں نے کہا کہ ملک کی ترقی اور خوشحالی کیلئے تمام اداروں کو مل کر کام کرنا ہوگا۔ عوام کی خدمت ہماری اولین ترجیح ہے اور اس مقصد کیلئے کوئی کسر اٹھا نہیں رکھی جائے گی۔ حکومت نے مختلف شعبوں میں اصلاحات کا عمل شروع کیا ہے جس کے مثبت نتائج سامنے آ رہے ہیں۔ شہریوں کو بنیادی سہولیات کی فراہمی کو یقینی بنایا جا رہا ہے۔ تعلیم، صحت اور روزگار کے شعبوں میں خصوصی توجہ دی جا رہی ہے۔
26	سعدیہ جعفر	بقیہ
نے صحت کے شعبے میں بہتری کیلئے تجاویز پیش کیں۔ انہوں نے کہا کہ ملک کی ترقی اور خوشحالی کیلئے تمام اداروں کو مل کر کام کرنا ہوگا۔ عوام کی خدمت ہماری اولین ترجیح ہے اور اس مقصد کیلئے کوئی کسر اٹھا نہیں رکھی جائے گی۔ حکومت نے مختلف شعبوں میں اصلاحات کا عمل شروع کیا ہے جس کے مثبت نتائج سامنے آ رہے ہیں۔ شہریوں کو بنیادی سہولیات کی فراہمی کو یقینی بنایا جا رہا ہے۔ تعلیم، صحت اور روزگار کے شعبوں میں خصوصی توجہ دی جا رہی ہے۔ انہوں نے کہا کہ ملک کی ترقی اور خوشحالی کیلئے تمام اداروں کو مل کر کام کرنا ہوگا۔ عوام کی خدمت ہماری اولین ترجیح ہے اور اس مقصد کیلئے کوئی کسر اٹھا نہیں رکھی جائے گی۔ حکومت نے مختلف شعبوں میں اصلاحات کا عمل شروع کیا ہے جس کے مثبت نتائج سامنے آ رہے ہیں۔ شہریوں کو بنیادی سہولیات کی فراہمی کو یقینی بنایا جا رہا ہے۔ تعلیم، صحت اور روزگار کے شعبوں میں خصوصی توجہ دی جا رہی ہے۔
27	فاروق حیدر	بقیہ
نے کہا کہ کشمیر کے مسئلے کا حل کشمیری عوام کی امنگوں کے مطابق ہونا چاہئے۔ انہوں نے کہا کہ ملک کی ترقی اور خوشحالی کیلئے تمام اداروں کو مل کر کام کرنا ہوگا۔ عوام کی خدمت ہماری اولین ترجیح ہے اور اس مقصد کیلئے کوئی کسر اٹھا نہیں رکھی جائے گی۔ حکومت نے مختلف شعبوں میں اصلاحات کا عمل شروع کیا ہے جس کے مثبت نتائج سامنے آ رہے ہیں۔ شہریوں کو بنیادی سہولیات کی فراہمی کو یقینی بنایا جا رہا ہے۔ تعلیم، صحت اور روزگار کے شعبوں میں خصوصی توجہ دی جا رہی ہے۔ انہوں نے کہا کہ ملک کی ترقی اور خوشحالی کیلئے تمام اداروں کو مل کر کام کرنا ہوگا۔ عوام کی خدمت ہماری اولین ترجیح ہے اور اس مقصد کیلئے کوئی کسر اٹھا نہیں رکھی جائے گی۔ حکومت نے مختلف شعبوں میں اصلاحات کا عمل شروع کیا ہے جس کے مثبت نتائج سامنے آ رہے ہیں۔ شہریوں کو بنیادی سہولیات کی فراہمی کو یقینی بنایا جا رہا ہے۔ تعلیم، صحت اور روزگار کے شعبوں میں خصوصی توجہ دی جا رہی ہے۔
28 الوداعی تقریب	بقیہ
میں ریٹائر ہونے والے افسران کی خدمات کو خراج تحسین پیش کیا گیا۔ انہوں نے کہا کہ ملک کی ترقی اور خوشحالی کیلئے تمام اداروں کو مل کر کام کرنا ہوگا۔ عوام کی خدمت ہماری اولین ترجیح ہے اور اس مقصد کیلئے کوئی کسر اٹھا نہیں رکھی جائے گی۔ حکومت نے مختلف شعبوں میں اصلاحات کا عمل شروع کیا ہے جس کے مثبت نتائج سامنے آ رہے ہیں۔ شہریوں کو بنیادی سہولیات کی فراہمی کو یقینی بنایا جا رہا ہے۔ تعلیم، صحت اور روزگار کے شعبوں میں خصوصی توجہ دی جا رہی ہے۔ انہوں نے کہا کہ ملک کی ترقی اور خوشحالی کیلئے تمام اداروں کو مل کر کام کرنا ہوگا۔ عوام کی خدمت ہماری اولین ترجیح ہے اور اس مقصد کیلئے کوئی کسر اٹھا نہیں رکھی جائے گی۔ حکومت نے مختلف شعبوں میں اصلاحات کا عمل شروع کیا ہے جس کے مثبت نتائج سامنے آ رہے ہیں۔ شہریوں کو بنیادی سہولیات کی فراہمی کو یقینی بنایا جا رہا ہے۔ تعلیم، صحت اور روزگار کے شعبوں میں خصوصی توجہ دی جا رہی ہے۔
29	سردار عتیق	بقیہ
نے کہا کہ آزاد کشمیر میں ترقی کا نیا دور شروع ہو گیا ہے۔ انہوں نے کہا کہ ملک کی ترقی اور خوشحالی کیلئے تمام اداروں کو مل کر کام کرنا ہوگا۔ عوام کی خدمت ہماری اولین ترجیح ہے اور اس مقصد کیلئے کوئی کسر اٹھا نہیں رکھی جائے گی۔ حکومت نے مختلف شعبوں میں اصلاحات کا عمل شروع کیا ہے جس کے مثبت نتائج سامنے آ رہے ہیں۔ شہریوں کو بنیادی سہولیات کی فراہمی کو یقینی بنایا جا رہا ہے۔ تعلیم، صحت اور روزگار کے شعبوں میں خصوصی توجہ دی جا رہی ہے۔ انہوں نے کہا کہ ملک کی ترقی اور خوشحالی کیلئے تمام اداروں کو مل کر کام کرنا ہوگا۔ عوام کی خدمت ہماری اولین ترجیح ہے اور اس مقصد کیلئے کوئی کسر اٹھا نہیں رکھی جائے گی۔ حکومت نے مختلف شعبوں میں اصلاحات کا عمل شروع کیا ہے جس کے مثبت نتائج سامنے آ رہے ہیں۔ شہریوں کو بنیادی سہولیات کی فراہمی کو یقینی بنایا جا رہا ہے۔ تعلیم، صحت اور روزگار کے شعبوں میں خصوصی توجہ دی جا رہی ہے۔
30 کارروائی بقیہ
کے دوران ملزمان کو گرفتار کر لیا گیا اور مقدمہ درج کر لیا گیا۔ انہوں نے کہا کہ ملک کی ترقی اور خوشحالی کیلئے تمام اداروں کو مل کر کام کرنا ہوگا۔ عوام کی خدمت ہماری اولین ترجیح ہے اور اس مقصد کیلئے کوئی کسر اٹھا نہیں رکھی جائے گی۔ حکومت نے مختلف شعبوں میں اصلاحات کا عمل شروع کیا ہے جس کے مثبت نتائج سامنے آ رہے ہیں۔ شہریوں کو بنیادی سہولیات کی فراہمی کو یقینی بنایا جا رہا ہے۔ تعلیم، صحت اور روزگار کے شعبوں میں خصوصی توجہ دی جا رہی ہے۔ انہوں نے کہا کہ ملک کی ترقی اور خوشحالی کیلئے تمام اداروں کو مل کر کام کرنا ہوگا۔ عوام کی خدمت ہماری اولین ترجیح ہے اور اس مقصد کیلئے کوئی کسر اٹھا نہیں رکھی جائے گی۔ حکومت نے مختلف شعبوں میں اصلاحات کا عمل شروع کیا ہے جس کے مثبت نتائج سامنے آ رہے ہیں۔ شہریوں کو بنیادی سہولیات کی فراہمی کو یقینی بنایا جا رہا ہے۔ تعلیم، صحت اور روزگار کے شعبوں میں خصوصی توجہ دی جا رہی ہے۔
31 سیکرٹری صحت	بقیہ
نے ہسپتالوں کا دورہ کیا اور سہولیات کا جائزہ لیا۔ انہوں نے کہا کہ ملک کی ترقی اور خوشحالی کیلئے تمام اداروں کو مل کر کام کرنا ہوگا۔ عوام کی خدمت ہماری اولین ترجیح ہے اور اس مقصد کیلئے کوئی کسر اٹھا نہیں رکھی جائے گی۔ حکومت نے مختلف شعبوں میں اصلاحات کا عمل شروع کیا ہے جس کے مثبت نتائج سامنے آ رہے ہیں۔ شہریوں کو بنیادی سہولیات کی فراہمی کو یقینی بنایا جا رہا ہے۔ تعلیم، صحت اور روزگار کے شعبوں میں خصوصی توجہ دی جا رہی ہے۔ انہوں نے کہا کہ ملک کی ترقی اور خوشحالی کیلئے تمام اداروں کو مل کر کام کرنا ہوگا۔ عوام کی خدمت ہماری اولین ترجیح ہے اور اس مقصد کیلئے کوئی کسر اٹھا نہیں رکھی جائے گی۔ حکومت نے مختلف شعبوں میں اصلاحات کا عمل شروع کیا ہے جس کے مثبت نتائج سامنے آ رہے ہیں۔ شہریوں کو بنیادی سہولیات کی فراہمی کو یقینی بنایا جا رہا ہے۔ تعلیم، صحت اور روزگار کے شعبوں میں خصوصی توجہ دی جا رہی ہے۔
انہوں نے کہا کہ ملک کی ترقی اور خوشحالی کیلئے تمام اداروں کو مل کر کام کرنا ہوگا۔ عوام کی خدمت ہماری اولین ترجیح ہے اور اس مقصد کیلئے کوئی کسر اٹھا نہیں رکھی جائے گی۔ حکومت نے مختلف شعبوں میں اصلاحات کا عمل شروع کیا ہے جس کے مثبت نتائج سامنے آ رہے ہیں۔ شہریوں کو بنیادی سہولیات کی فراہمی کو یقینی بنایا جا رہا ہے۔ تعلیم، صحت اور روزگار کے شعبوں میں خصوصی توجہ دی جا رہی ہے۔ انہوں نے کہا کہ ملک کی ترقی اور خوشحالی کیلئے تمام اداروں کو مل کر کام کرنا ہوگا۔ عوام کی خدمت ہماری اولین ترجیح ہے اور اس مقصد کیلئے کوئی کسر اٹھا نہیں رکھی جائے گی۔ حکومت نے مختلف شعبوں میں اصلاحات کا عمل شروع کیا ہے جس کے مثبت نتائج سامنے آ رہے ہیں۔ شہریوں کو بنیادی سہولیات کی فراہمی کو یقینی بنایا جا رہا ہے۔ تعلیم، صحت اور روزگار کے شعبوں میں خصوصی توجہ دی جا رہی ہے۔ انہوں نے کہا کہ ملک کی ترقی اور خوشحالی کیلئے تمام اداروں کو مل کر کام کرنا ہوگا۔ عوام کی خدمت ہماری اولین ترجیح ہے اور اس مقصد کیلئے کوئی کسر اٹھا نہیں رکھی جائے گی۔ حکومت نے مختلف شعبوں میں اصلاحات کا عمل شروع کیا ہے جس کے مثبت نتائج سامنے آ رہے ہیں۔ شہریوں کو بنیادی سہولیات کی فراہمی کو یقینی بنایا جا رہا ہے۔ تعلیم، صحت اور روزگار کے شعبوں میں خصوصی توجہ دی جا رہی ہے۔
انہوں نے کہا کہ ملک کی ترقی اور خوشحالی کیلئے تمام اداروں کو مل کر کام کرنا ہوگا۔ عوام کی خدمت ہماری اولین ترجیح ہے اور اس مقصد کیلئے کوئی کسر اٹھا نہیں رکھی جائے گی۔ حکومت نے مختلف شعبوں میں اصلاحات کا عمل شروع کیا ہے جس کے مثبت نتائج سامنے آ رہے ہیں۔ شہریوں کو بنیادی سہولیات کی فراہمی کو یقینی بنایا جا رہا ہے۔ تعلیم، صحت اور روزگار کے شعبوں میں خصوصی توجہ دی جا رہی ہے۔ انہوں نے کہا کہ ملک کی ترقی اور خوشحالی کیلئے تمام اداروں کو مل کر کام کرنا ہوگا۔ عوام کی خدمت ہماری اولین ترجیح ہے اور اس مقصد کیلئے کوئی کسر اٹھا نہیں رکھی جائے گی۔ حکومت نے مختلف شعبوں میں اصلاحات کا عمل شروع کیا ہے جس کے مثبت نتائج سامنے آ رہے ہیں۔ شہریوں کو بنیادی سہولیات کی فراہمی کو یقینی بنایا جا رہا ہے۔ تعلیم، صحت اور روزگار کے شعبوں میں خصوصی توجہ دی جا رہی ہے۔
32	اعجاز سرور	بقیہ
نے کہا کہ پارٹی میں کوئی اختلاف نہیں اور تمام فیصلے مشاورت سے کئے جاتے ہیں۔ انہوں نے کہا کہ ملک کی ترقی اور خوشحالی کیلئے تمام اداروں کو مل کر کام کرنا ہوگا۔ عوام کی خدمت ہماری اولین ترجیح ہے اور اس مقصد کیلئے کوئی کسر اٹھا نہیں رکھی جائے گی۔ حکومت نے مختلف شعبوں میں اصلاحات کا عمل شروع کیا ہے جس کے مثبت نتائج سامنے آ رہے ہیں۔ شہریوں کو بنیادی سہولیات کی فراہمی کو یقینی بنایا جا رہا ہے۔ تعلیم، صحت اور روزگار کے شعبوں میں خصوصی توجہ دی جا رہی ہے۔ انہوں نے کہا کہ ملک کی ترقی اور خوشحالی کیلئے تمام اداروں کو مل کر کام کرنا ہوگا۔ عوام کی خدمت ہماری اولین ترجیح ہے اور اس مقصد کیلئے کوئی کسر اٹھا نہیں رکھی جائے گی۔ حکومت نے مختلف شعبوں میں اصلاحات کا عمل شروع کیا ہے جس کے مثبت نتائج سامنے آ رہے ہیں۔ شہریوں کو بنیادی سہولیات کی فراہمی کو یقینی بنایا جا رہا ہے۔ تعلیم، صحت اور روزگار کے شعبوں میں خصوصی توجہ دی جا رہی ہے۔
33	ملاقات	بقیہ
میں باہمی دلچسپی کے امور پر تبادلہ خیال کیا گیا۔ انہوں نے کہا کہ ملک کی ترقی اور خوشحالی کیلئے تمام اداروں کو مل کر کام کرنا ہوگا۔ عوام کی خدمت ہماری اولین ترجیح ہے اور اس مقصد کیلئے کوئی کسر اٹھا نہیں رکھی جائے گی۔ حکومت نے مختلف شعبوں میں اصلاحات کا عمل شروع کیا ہے جس کے مثبت نتائج سامنے آ رہے ہیں۔ شہریوں کو بنیادی سہولیات کی فراہمی کو یقینی بنایا جا رہا ہے۔ تعلیم، صحت اور روزگار کے شعبوں میں خصوصی توجہ دی جا رہی ہے۔ انہوں نے کہا کہ ملک کی ترقی اور خوشحالی کیلئے تمام اداروں کو مل کر کام کرنا ہوگا۔ عوام کی خدمت ہماری اولین ترجیح ہے اور اس مقصد کیلئے کوئی کسر اٹھا نہیں رکھی جائے گی۔ حکومت نے مختلف شعبوں میں اصلاحات کا عمل شروع کیا ہے جس کے مثبت نتائج سامنے آ رہے ہیں۔ شہریوں کو بنیادی سہولیات کی فراہمی کو یقینی بنایا جا رہا ہے۔ تعلیم، صحت اور روزگار کے شعبوں میں خصوصی توجہ دی جا رہی ہے۔
34	ڈیم	بقیہ
کی تعمیر سے ملک میں پانی کی قلت پر قابو پایا جا سکے گا۔ انہوں نے کہا کہ ملک کی ترقی اور خوشحالی کیلئے تمام اداروں کو مل کر کام کرنا ہوگا۔ عوام کی خدمت ہماری اولین ترجیح ہے اور اس مقصد کیلئے کوئی کسر اٹھا نہیں رکھی جائے گی۔ حکومت نے مختلف شعبوں میں اصلاحات کا عمل شروع کیا ہے جس کے مثبت نتائج سامنے آ رہے ہیں۔ شہریوں کو بنیادی سہولیات کی فراہمی کو یقینی بنایا جا رہا ہے۔ تعلیم، صحت اور روزگار کے شعبوں میں خصوصی توجہ دی جا رہی ہے۔ انہوں نے کہا کہ ملک کی ترقی اور خوشحالی کیلئے تمام اداروں کو مل کر کام کرنا ہوگا۔ عوام کی خدمت ہماری اولین ترجیح ہے اور اس مقصد کیلئے کوئی کسر اٹھا نہیں رکھی جائے گی۔ حکومت نے مختلف شعبوں میں اصلاحات کا عمل شروع کیا ہے جس کے مثبت نتائج سامنے آ رہے ہیں۔ شہریوں کو بنیادی سہولیات کی فراہمی کو یقینی بنایا جا رہا ہے۔ تعلیم، صحت اور روزگار کے شعبوں میں خصوصی توجہ دی جا رہی ہے۔
35	اجلاس	بقیہ
میں اہم فیصلے کئے گئے اور عملدرآمد کی ہدایت کی گئی۔ انہوں نے کہا کہ ملک کی ترقی اور خوشحالی کیلئے تمام اداروں کو مل کر کام کرنا ہوگا۔ عوام کی خدمت ہماری اولین ترجیح ہے اور اس مقصد کیلئے کوئی کسر اٹھا نہیں رکھی جائے گی۔ حکومت نے مختلف شعبوں میں اصلاحات کا عمل شروع کیا ہے جس کے مثبت نتائج سامنے آ رہے ہیں۔ شہریوں کو بنیادی سہولیات کی فراہمی کو یقینی بنایا جا رہا ہے۔ تعلیم، صحت اور روزگار کے شعبوں میں خصوصی توجہ دی جا رہی ہے۔ انہوں نے کہا کہ ملک کی ترقی اور خوشحالی کیلئے تمام اداروں کو مل کر کام کرنا ہوگا۔ عوام کی خدمت ہماری اولین ترجیح ہے اور اس مقصد کیلئے کوئی کسر اٹھا نہیں رکھی جائے گی۔ حکومت نے مختلف شعبوں میں اصلاحات کا عمل شروع کیا ہے جس کے مثبت نتائج سامنے آ رہے ہیں۔ شہریوں کو بنیادی سہولیات کی فراہمی کو یقینی بنایا جا رہا ہے۔ تعلیم، صحت اور روزگار کے شعبوں میں خصوصی توجہ دی جا رہی ہے۔
36 استقبال بقیہ
کیلئے کارکنان کی بڑی تعداد موجود تھی۔ انہوں نے کہا کہ ملک کی ترقی اور خوشحالی کیلئے تمام اداروں کو مل کر کام کرنا ہوگا۔ عوام کی خدمت ہماری اولین ترجیح ہے اور اس مقصد کیلئے کوئی کسر اٹھا نہیں رکھی جائے گی۔ حکومت نے مختلف شعبوں میں اصلاحات کا عمل شروع کیا ہے جس کے مثبت نتائج سامنے آ رہے ہیں۔ شہریوں کو بنیادی سہولیات کی فراہمی کو یقینی بنایا جا رہا ہے۔ تعلیم، صحت اور روزگار کے شعبوں میں خصوصی توجہ دی جا رہی ہے۔ انہوں نے کہا کہ ملک کی ترقی اور خوشحالی کیلئے تمام اداروں کو مل کر کام کرنا ہوگا۔ عوام کی خدمت ہماری اولین ترجیح ہے اور اس مقصد کیلئے کوئی کسر اٹھا نہیں رکھی جائے گی۔ حکومت نے مختلف شعبوں میں اصلاحات کا عمل شروع کیا ہے جس کے مثبت نتائج سامنے آ رہے ہیں۔ شہریوں کو بنیادی سہولیات کی فراہمی کو یقینی بنایا جا رہا ہے۔ تعلیم، صحت اور روزگار کے شعبوں میں خصوصی توجہ دی جا رہی ہے۔
انہوں نے کہا کہ ملک کی ترقی اور خوشحالی کیلئے تمام اداروں کو مل کر کام کرنا ہوگا۔ عوام کی خدمت ہماری اولین ترجیح ہے اور اس مقصد کیلئے کوئی کسر اٹھا نہیں رکھی جائے گی۔ حکومت نے مختلف شعبوں میں اصلاحات کا عمل شروع کیا ہے جس کے مثبت نتائج سامنے آ رہے ہیں۔ شہریوں کو بنیادی سہولیات کی فراہمی کو یقینی بنایا جا رہا ہے۔ تعلیم، صحت اور روزگار کے شعبوں میں خصوصی توجہ دی جا رہی ہے۔ انہوں نے کہا کہ ملک کی ترقی اور خوشحالی کیلئے تمام اداروں کو مل کر کام کرنا ہوگا۔ عوام کی خدمت ہماری اولین ترجیح ہے اور اس مقصد کیلئے کوئی کسر اٹھا نہیں رکھی جائے گی۔ حکومت نے مختلف شعبوں میں اصلاحات کا عمل شروع کیا ہے جس کے مثبت نتائج سامنے آ رہے ہیں۔ شہریوں کو بنیادی سہولیات کی فراہمی کو یقینی بنایا جا رہا ہے۔ تعلیم، صحت اور روزگار کے شعبوں میں خصوصی توجہ دی جا رہی ہے۔ انہوں نے کہا کہ ملک کی ترقی اور خوشحالی کیلئے تمام اداروں کو مل کر کام کرنا ہوگا۔ عوام کی خدمت ہماری اولین ترجیح ہے اور اس مقصد کیلئے کوئی کسر اٹھا نہیں رکھی جائے گی۔ حکومت نے مختلف شعبوں میں اصلاحات کا عمل شروع کیا ہے جس کے مثبت نتائج سامنے آ رہے ہیں۔ شہریوں کو بنیادی سہولیات کی فراہمی کو یقینی بنایا جا رہا ہے۔ تعلیم، صحت اور روزگار کے شعبوں میں خصوصی توجہ دی جا رہی ہے۔
انہوں نے کہا کہ ملک کی ترقی اور خوشحالی کیلئے تمام اداروں کو مل کر کام کرنا ہوگا۔ عوام کی خدمت ہماری اولین ترجیح ہے اور اس مقصد کیلئے کوئی کسر اٹھا نہیں رکھی جائے گی۔ حکومت نے مختلف شعبوں میں اصلاحات کا عمل شروع کیا ہے جس کے مثبت نتائج سامنے آ رہے ہیں۔ شہریوں کو بنیادی سہولیات کی فراہمی کو یقینی بنایا جا رہا ہے۔ تعلیم، صحت اور روزگار کے شعبوں میں خصوصی توجہ دی جا رہی ہے۔ انہوں نے کہا کہ ملک کی ترقی اور خوشحالی کیلئے تمام اداروں کو مل کر کام کرنا ہوگا۔ عوام کی خدمت ہماری اولین ترجیح ہے اور اس مقصد کیلئے کوئی کسر اٹھا نہیں رکھی جائے گی۔ حکومت نے مختلف شعبوں میں اصلاحات کا عمل شروع کیا ہے جس کے مثبت نتائج سامنے آ رہے ہیں۔ شہریوں کو بنیادی سہولیات کی فراہمی کو یقینی بنایا جا رہا ہے۔ تعلیم، صحت اور روزگار کے شعبوں میں خصوصی توجہ دی جا رہی ہے۔
37	دعوت ولیمہ	بقیہ
میں سیاسی و سماجی شخصیات نے شرکت کی اور نوبیاہتا جوڑے کو مبارکباد دی۔ انہوں نے کہا کہ ملک کی ترقی اور خوشحالی کیلئے تمام اداروں کو مل کر کام کرنا ہوگا۔ عوام کی خدمت ہماری اولین ترجیح ہے اور اس مقصد کیلئے کوئی کسر اٹھا نہیں رکھی جائے گی۔ حکومت نے مختلف شعبوں میں اصلاحات کا عمل شروع کیا ہے جس کے مثبت نتائج سامنے آ رہے ہیں۔ شہریوں کو بنیادی سہولیات کی فراہمی کو یقینی بنایا جا رہا ہے۔ تعلیم، صحت اور روزگار کے شعبوں میں خصوصی توجہ دی جا رہی ہے۔ انہوں نے کہا کہ ملک کی ترقی اور خوشحالی کیلئے تمام اداروں کو مل کر کام کرنا ہوگا۔ عوام کی خدمت ہماری اولین ترجیح ہے اور اس مقصد کیلئے کوئی کسر اٹھا نہیں رکھی جائے گی۔ حکومت نے مختلف شعبوں میں اصلاحات کا عمل شروع کیا ہے جس کے مثبت نتائج سامنے آ رہے ہیں۔ شہریوں کو بنیادی سہولیات کی فراہمی کو یقینی بنایا جا رہا ہے۔ تعلیم، صحت اور روزگار کے شعبوں میں خصوصی توجہ دی جا رہی ہے۔
38	خطاب	بقیہ
کرتے ہوئے انہوں نے کہا کہ قوم کو متحد ہونے کی ضرورت ہے اور ملکی ترقی میں ہر شہری کو اپنا کردار ادا کرنا ہوگا۔ انہوں نے کہا کہ ملک کی ترقی اور خوشحالی کیلئے تمام اداروں کو مل کر کام کرنا ہوگا۔ عوام کی خدمت ہماری اولین ترجیح ہے اور اس مقصد کیلئے کوئی کسر اٹھا نہیں رکھی جائے گی۔ حکومت نے مختلف شعبوں میں اصلاحات کا عمل شروع کیا ہے جس کے مثبت نتائج سامنے آ رہے ہیں۔ شہریوں کو بنیادی سہولیات کی فراہمی کو یقینی بنایا جا رہا ہے۔ تعلیم، صحت اور روزگار کے شعبوں میں خصوصی توجہ دی جا رہی ہے۔ انہوں نے کہا کہ ملک کی ترقی اور خوشحالی کیلئے تمام اداروں کو مل کر کام کرنا ہوگا۔ عوام کی خدمت ہماری اولین ترجیح ہے اور اس مقصد کیلئے کوئی کسر اٹھا نہیں رکھی جائے گی۔ حکومت نے مختلف شعبوں میں اصلاحات کا عمل شروع کیا ہے جس کے مثبت نتائج سامنے آ رہے ہیں۔ شہریوں کو بنیادی سہولیات کی فراہمی کو یقینی بنایا جا رہا ہے۔ تعلیم، صحت اور روزگار کے شعبوں میں خصوصی توجہ دی جا رہی ہے۔
انہوں نے کہا کہ ملک کی ترقی اور خوشحالی کیلئے تمام اداروں کو مل کر کام کرنا ہوگا۔ عوام کی خدمت ہماری اولین ترجیح ہے اور اس مقصد کیلئے کوئی کسر اٹھا نہیں رکھی جائے گی۔ حکومت نے مختلف شعبوں میں اصلاحات کا عمل شروع کیا ہے جس کے مثبت نتائج سامنے آ رہے ہیں۔ شہریوں کو بنیادی سہولیات کی فراہمی کو یقینی بنایا جا رہا ہے۔ تعلیم، صحت اور روزگار کے شعبوں میں خصوصی توجہ دی جا رہی ہے۔ انہوں نے کہا کہ ملک کی ترقی اور خوشحالی کیلئے تمام اداروں کو مل کر کام کرنا ہوگا۔ عوام کی خدمت ہماری اولین ترجیح ہے اور اس مقصد کیلئے کوئی کسر اٹھا نہیں رکھی جائے گی۔ حکومت نے مختلف شعبوں میں اصلاحات کا عمل شروع کیا ہے جس کے مثبت نتائج سامنے آ رہے ہیں۔ شہریوں کو بنیادی سہولیات کی فراہمی کو یقینی بنایا جا رہا ہے۔ تعلیم، صحت اور روزگار کے شعبوں میں خصوصی توجہ دی جا رہی ہے۔ انہوں نے کہا کہ ملک کی ترقی اور خوشحالی کیلئے تمام اداروں کو مل کر کام کرنا ہوگا۔ عوام کی خدمت ہماری اولین ترجیح ہے اور اس مقصد کیلئے کوئی کسر اٹھا نہیں رکھی جائے گی۔ حکومت نے مختلف شعبوں میں اصلاحات کا عمل شروع کیا ہے جس کے مثبت نتائج سامنے آ رہے ہیں۔ شہریوں کو بنیادی سہولیات کی فراہمی کو یقینی بنایا جا رہا ہے۔ تعلیم، صحت اور روزگار کے شعبوں میں خصوصی توجہ دی جا رہی ہے۔
